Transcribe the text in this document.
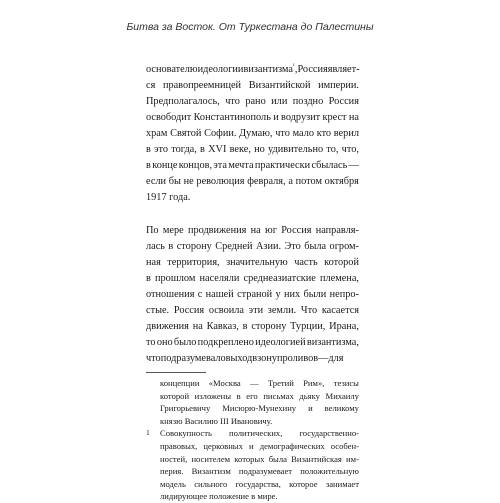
Битва за Восток. От Туркестана до Палестины
основателю идеологии византизма$^{^1}$, Россия являет-
ся правопреемницей Византийской империи.
Предполагалось, что рано или поздно Россия
освободит Константинополь и водрузит крест на
храм Святой Софии. Думаю, что мало кто верил
в это тогда, в XVI веке, но удивительно то, что,
в конце концов, эта мечта практически сбылась —
если бы не революция февраля, а потом октября
1917 года.
По мере продвижения на юг Россия направля-
лась в сторону Средней Азии. Это была огром-
ная территория, значительную часть которой
в прошлом населяли среднеазиатские племена,
отношения с нашей страной у них были непро-
стые. Россия освоила эти земли. Что касается
движения на Кавказ, в сторону Турции, Ирана,
то оно было подкреплено идеологией византизма,
что подразумевало выход в зону проливов — для
концепции «Москва — Третий Рим», тезисы
которой изложены в его письмах дьяку Михаилу
Григорьевичу Мисюрю-Мунехину и великому
князю Василию III Ивановичу.
1 Совокупность политических, государственно-
правовых, церковных и демографических особен-
ностей, носителем которых была Византийская им-
перия. Византизм подразумевает положительную
модель сильного государства, которое занимает
лидирующее положение в мире.
